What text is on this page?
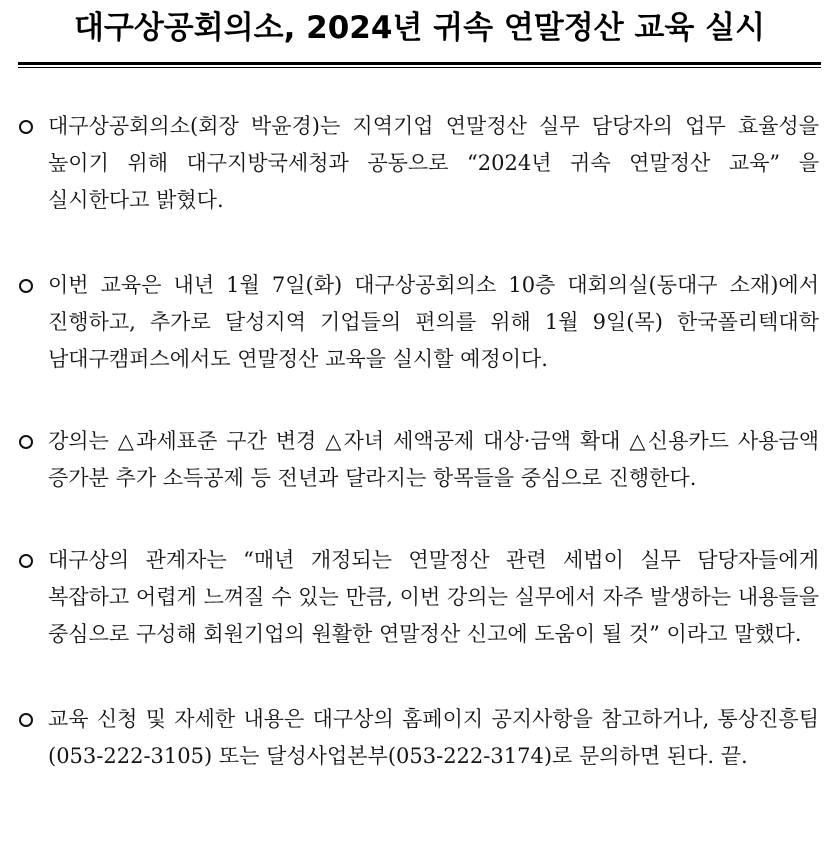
대구상공회의소, 2024년 귀속 연말정산 교육 실시

대구상공회의소(회장 박윤경)는 지역기업 연말정산 실무 담당자의 업무 효율성을 높이기 위해 대구지방국세청과 공동으로 “2024년 귀속 연말정산 교육” 을 실시한다고 밝혔다.

이번 교육은 내년 1월 7일(화) 대구상공회의소 10층 대회의실(동대구 소재)에서 진행하고, 추가로 달성지역 기업들의 편의를 위해 1월 9일(목) 한국폴리텍대학 남대구캠퍼스에서도 연말정산 교육을 실시할 예정이다.

강의는 △과세표준 구간 변경 △자녀 세액공제 대상·금액 확대 △신용카드 사용금액 증가분 추가 소득공제 등 전년과 달라지는 항목들을 중심으로 진행한다.

대구상의 관계자는 “매년 개정되는 연말정산 관련 세법이 실무 담당자들에게 복잡하고 어렵게 느껴질 수 있는 만큼, 이번 강의는 실무에서 자주 발생하는 내용들을 중심으로 구성해 회원기업의 원활한 연말정산 신고에 도움이 될 것” 이라고 말했다.

교육 신청 및 자세한 내용은 대구상의 홈페이지 공지사항을 참고하거나, 통상진흥팀(053-222-3105) 또는 달성사업본부(053-222-3174)로 문의하면 된다. 끝.
